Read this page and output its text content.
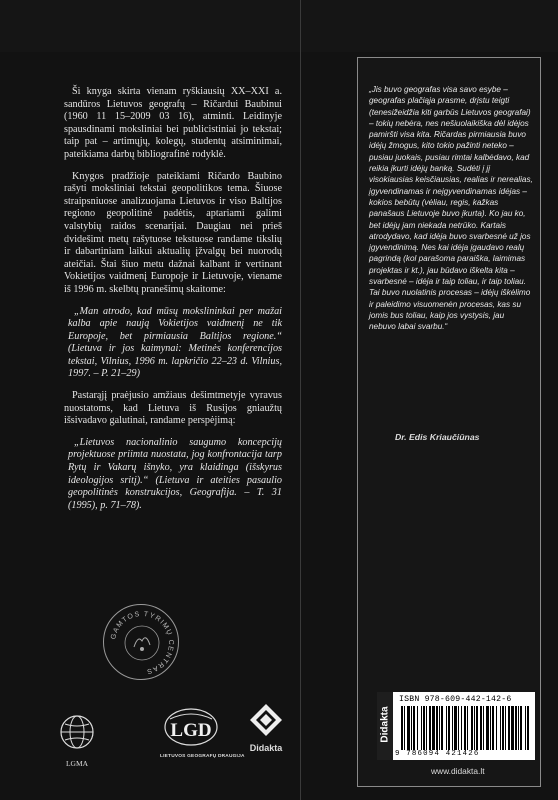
Ši knyga skirta vienam ryškiausių XX–XXI a. sandūros Lietuvos geografų – Ričardui Baubinui (1960 11 15–2009 03 16), atminti. Leidinyje spausdinami moksliniai bei publicistiniai jo tekstai; taip pat – artimųjų, kolegų, studentų atsiminimai, pateikiama darbų bibliografinė rodyklė.

Knygos pradžioje pateikiami Ričardo Baubino rašyti moksliniai tekstai geopolitikos tema. Šiuose straipsniuose analizuojama Lietuvos ir viso Baltijos regiono geopolitinė padėtis, aptariami galimi valstybių raidos scenarijai. Daugiau nei prieš dvidešimt metų rašytuose tekstuose randame tikslių ir dabartiniam laikui aktualių įžvalgų bei nuorodų ateičiai. Štai šiuo metu dažnai kalbant ir vertinant Vokietijos vaidmenį Europoje ir Lietuvoje, viename iš 1996 m. skelbtų pranešimų skaitome:

„Man atrodo, kad mūsų mokslininkai per mažai kalba apie naują Vokietijos vaidmenį ne tik Europoje, bet pirmiausia Baltijos regione.“ (Lietuva ir jos kaimynai: Metinės konferencijos tekstai, Vilnius, 1996 m. lapkričio 22–23 d. Vilnius, 1997. – P. 21–29)

Pastarąjį praėjusio amžiaus dešimtmetyje vyravus nuostatoms, kad Lietuva iš Rusijos gniaužtų išsivadavo galutinai, randame perspėjimą:

„Lietuvos nacionalinio saugumo koncepcijų projektuose priimta nuostata, jog konfrontacija tarp Rytų ir Vakarų išnyko, yra klaidinga (išskyrus ideologijos sritį).“ (Lietuva ir ateities pasaulio geopolitinės konstrukcijos, Geografija. – T. 31 (1995), p. 71–78).

GAMTOS TYRIMŲ CENTRAS
LGMA
LGD
LIETUVOS GEOGRAFŲ DRAUGIJA
Didakta

„Jis buvo geografas visa savo esybe – geografas plačiąja prasme, drįstu teigti (tenesižeidžia kiti garbūs Lietuvos geografai) – tokių nebėra, nes nešiuolaikiška dėl idėjos pamiršti visa kita. Ričardas pirmiausia buvo idėjų žmogus, kito tokio pažinti neteko – pusiau juokais, pusiau rimtai kalbėdavo, kad reikia įkurti idėjų banką. Sudėti į jį visokiausias keisčiausias, realias ir nerealias, įgyvendinamas ir neįgyvendinamas idėjas – kokios bebūtų (vėliau, regis, kažkas panašaus Lietuvoje buvo įkurta). Ko jau ko, bet idėjų jam niekada netrūko. Kartais atrodydavo, kad idėja buvo svarbesnė už jos įgyvendinimą. Nes kai idėja įgaudavo realų pagrindą (kol parašoma paraiška, laimimas projektas ir kt.), jau būdavo iškelta kita – svarbesnė – idėja ir taip toliau, ir taip toliau. Tai buvo nuolatinis procesas – idėjų iškėlimo ir paleidimo visuomenėn procesas, kas su jomis bus toliau, kaip jos vystysis, jau nebuvo labai svarbu.“

Dr. Edis Kriaučiūnas
Didakta
ISBN 978-609-442-142-6
9 786094 421426
www.didakta.lt
